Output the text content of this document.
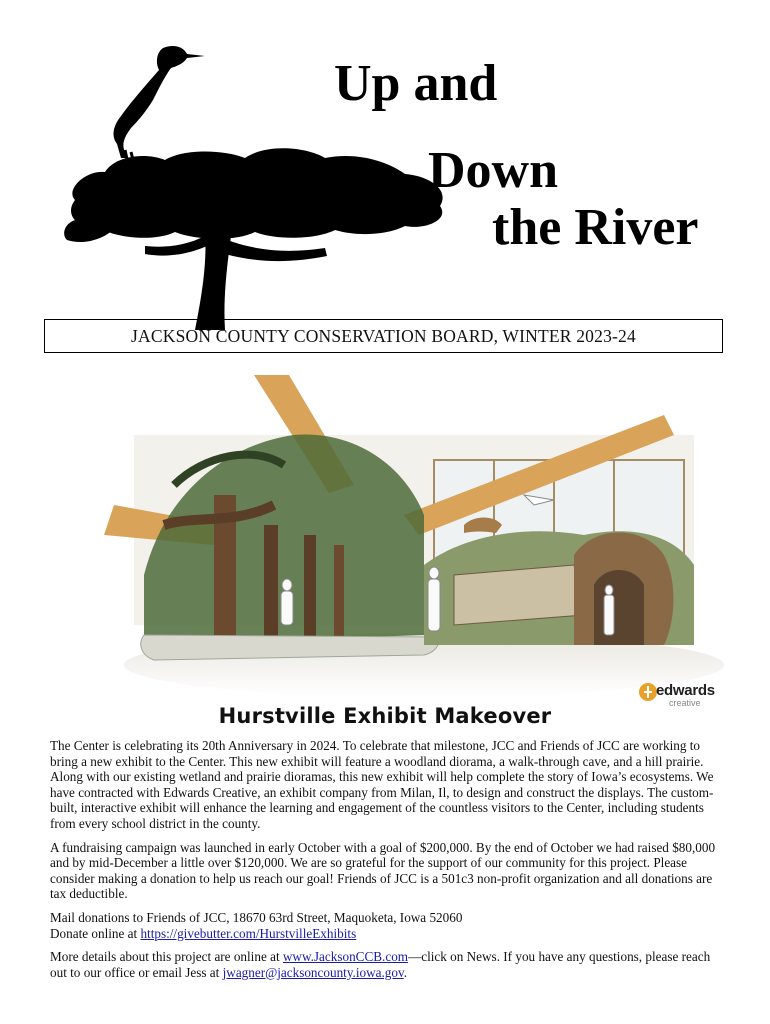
Up and
Down
the River
JACKSON COUNTY CONSERVATION BOARD, WINTER 2023-24
edwards
creative
Hurstville Exhibit Makeover

The Center is celebrating its 20th Anniversary in 2024. To celebrate that milestone, JCC and Friends of JCC are working to bring a new exhibit to the Center. This new exhibit will feature a woodland diorama, a walk-through cave, and a hill prairie. Along with our existing wetland and prairie dioramas, this new exhibit will help complete the story of Iowa’s ecosystems. We have contracted with Edwards Creative, an exhibit company from Milan, Il, to design and construct the displays. The custom-built, interactive exhibit will enhance the learning and engagement of the countless visitors to the Center, including students from every school district in the county.

A fundraising campaign was launched in early October with a goal of $200,000. By the end of October we had raised $80,000 and by mid-December a little over $120,000. We are so grateful for the support of our community for this project. Please consider making a donation to help us reach our goal! Friends of JCC is a 501c3 non-profit organization and all donations are tax deductible.

Mail donations to Friends of JCC, 18670 63rd Street, Maquoketa, Iowa 52060
Donate online at https://givebutter.com/HurstvilleExhibits

More details about this project are online at www.JacksonCCB.com—click on News. If you have any questions, please reach out to our office or email Jess at jwagner@jacksoncounty.iowa.gov.
